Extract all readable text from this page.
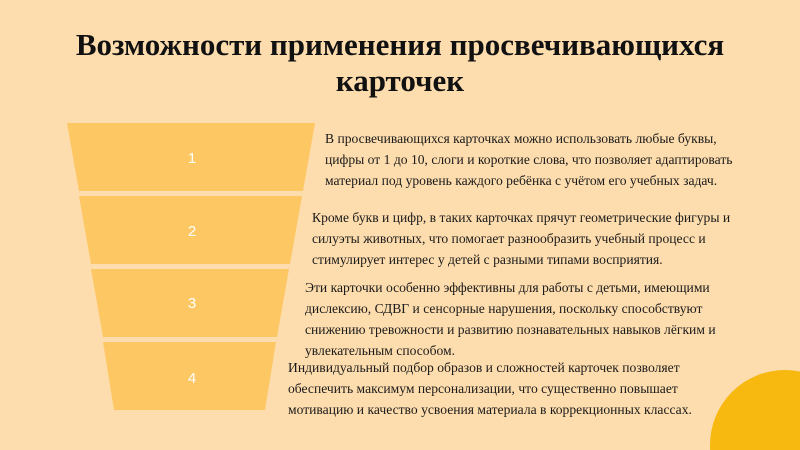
Возможности применения просвечивающихся карточек
1
2
3
4

В просвечивающихся карточках можно использовать любые буквы, цифры от 1 до 10, слоги и короткие слова, что позволяет адаптировать материал под уровень каждого ребёнка с учётом его учебных задач.

Кроме букв и цифр, в таких карточках прячут геометрические фигуры и силуэты животных, что помогает разнообразить учебный процесс и стимулирует интерес у детей с разными типами восприятия.

Эти карточки особенно эффективны для работы с детьми, имеющими дислексию, СДВГ и сенсорные нарушения, поскольку способствуют снижению тревожности и развитию познавательных навыков лёгким и увлекательным способом.

Индивидуальный подбор образов и сложностей карточек позволяет обеспечить максимум персонализации, что существенно повышает мотивацию и качество усвоения материала в коррекционных классах.
